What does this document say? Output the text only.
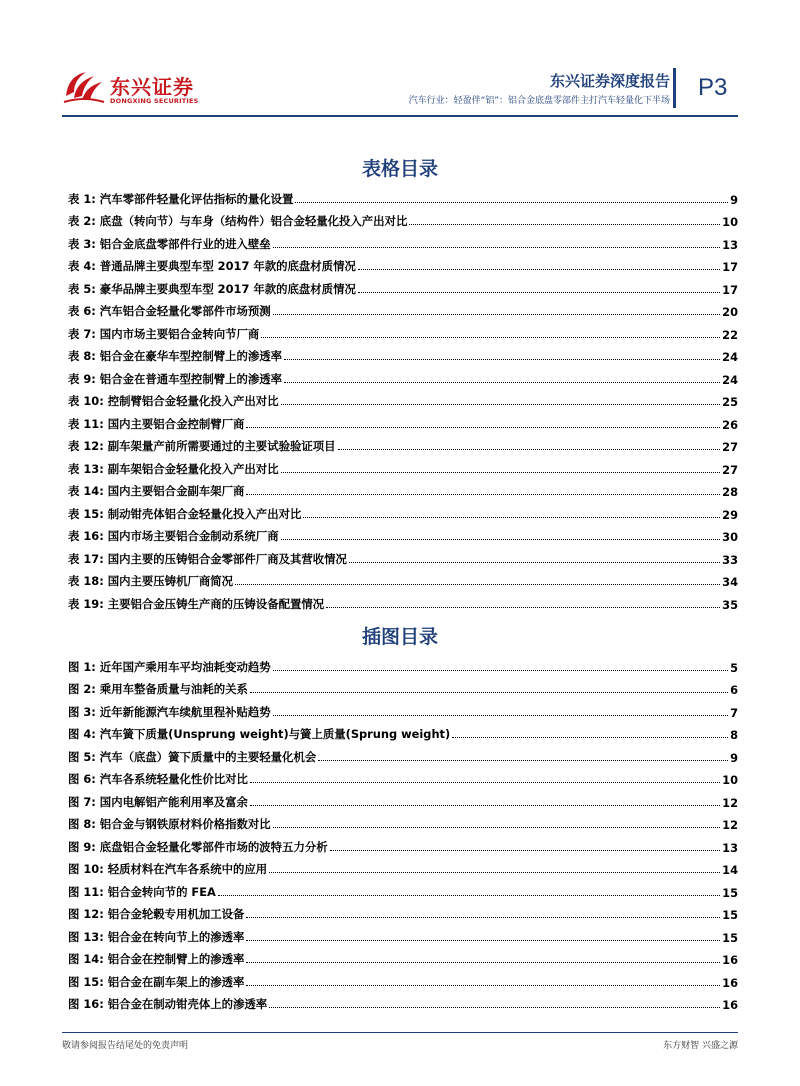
东兴证券
DONGXING SECURITIES
东兴证券深度报告
汽车行业：轻盈伴“铝”：铝合金底盘零部件主打汽车轻量化下半场 P3
表格目录
表 1: 汽车零部件轻量化评估指标的量化设置	9
表 2: 底盘（转向节）与车身（结构件）铝合金轻量化投入产出对比	10
表 3: 铝合金底盘零部件行业的进入壁垒	13
表 4: 普通品牌主要典型车型 2017 年款的底盘材质情况	17
表 5: 豪华品牌主要典型车型 2017 年款的底盘材质情况	17
表 6: 汽车铝合金轻量化零部件市场预测	20
表 7: 国内市场主要铝合金转向节厂商	22
表 8: 铝合金在豪华车型控制臂上的渗透率	24
表 9: 铝合金在普通车型控制臂上的渗透率	24
表 10: 控制臂铝合金轻量化投入产出对比	25
表 11: 国内主要铝合金控制臂厂商	26
表 12: 副车架量产前所需要通过的主要试验验证项目	27
表 13: 副车架铝合金轻量化投入产出对比	27
表 14: 国内主要铝合金副车架厂商	28
表 15: 制动钳壳体铝合金轻量化投入产出对比	29
表 16: 国内市场主要铝合金制动系统厂商	30
表 17: 国内主要的压铸铝合金零部件厂商及其营收情况	33
表 18: 国内主要压铸机厂商简况	34
表 19: 主要铝合金压铸生产商的压铸设备配置情况	35
插图目录
图 1: 近年国产乘用车平均油耗变动趋势	5
图 2: 乘用车整备质量与油耗的关系	6
图 3: 近年新能源汽车续航里程补贴趋势	7
图 4: 汽车簧下质量(Unsprung weight)与簧上质量(Sprung weight)	8
图 5: 汽车（底盘）簧下质量中的主要轻量化机会	9
图 6: 汽车各系统轻量化性价比对比	10
图 7: 国内电解铝产能利用率及富余	12
图 8: 铝合金与钢铁原材料价格指数对比	12
图 9: 底盘铝合金轻量化零部件市场的波特五力分析	13
图 10: 轻质材料在汽车各系统中的应用	14
图 11: 铝合金转向节的 FEA	15
图 12: 铝合金轮毂专用机加工设备	15
图 13: 铝合金在转向节上的渗透率	15
图 14: 铝合金在控制臂上的渗透率	16
图 15: 铝合金在副车架上的渗透率	16
图 16: 铝合金在制动钳壳体上的渗透率	16
敬请参阅报告结尾处的免责声明	东方财智 兴盛之源
